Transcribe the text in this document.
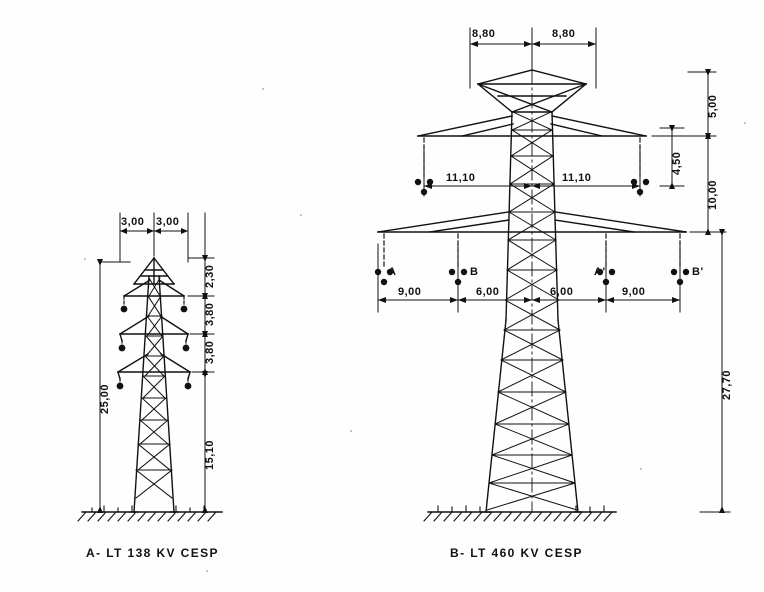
3,00 3,00
2,30
3,80
3,80
15,10
25,00
A- LT 138 KV CESP
8,80	8,80
11,10	11,10
9,00	6,00	6,00	9,00
5,00
4,50
10,00
27,70
A	B	A'	B'
B- LT 460 KV CESP
